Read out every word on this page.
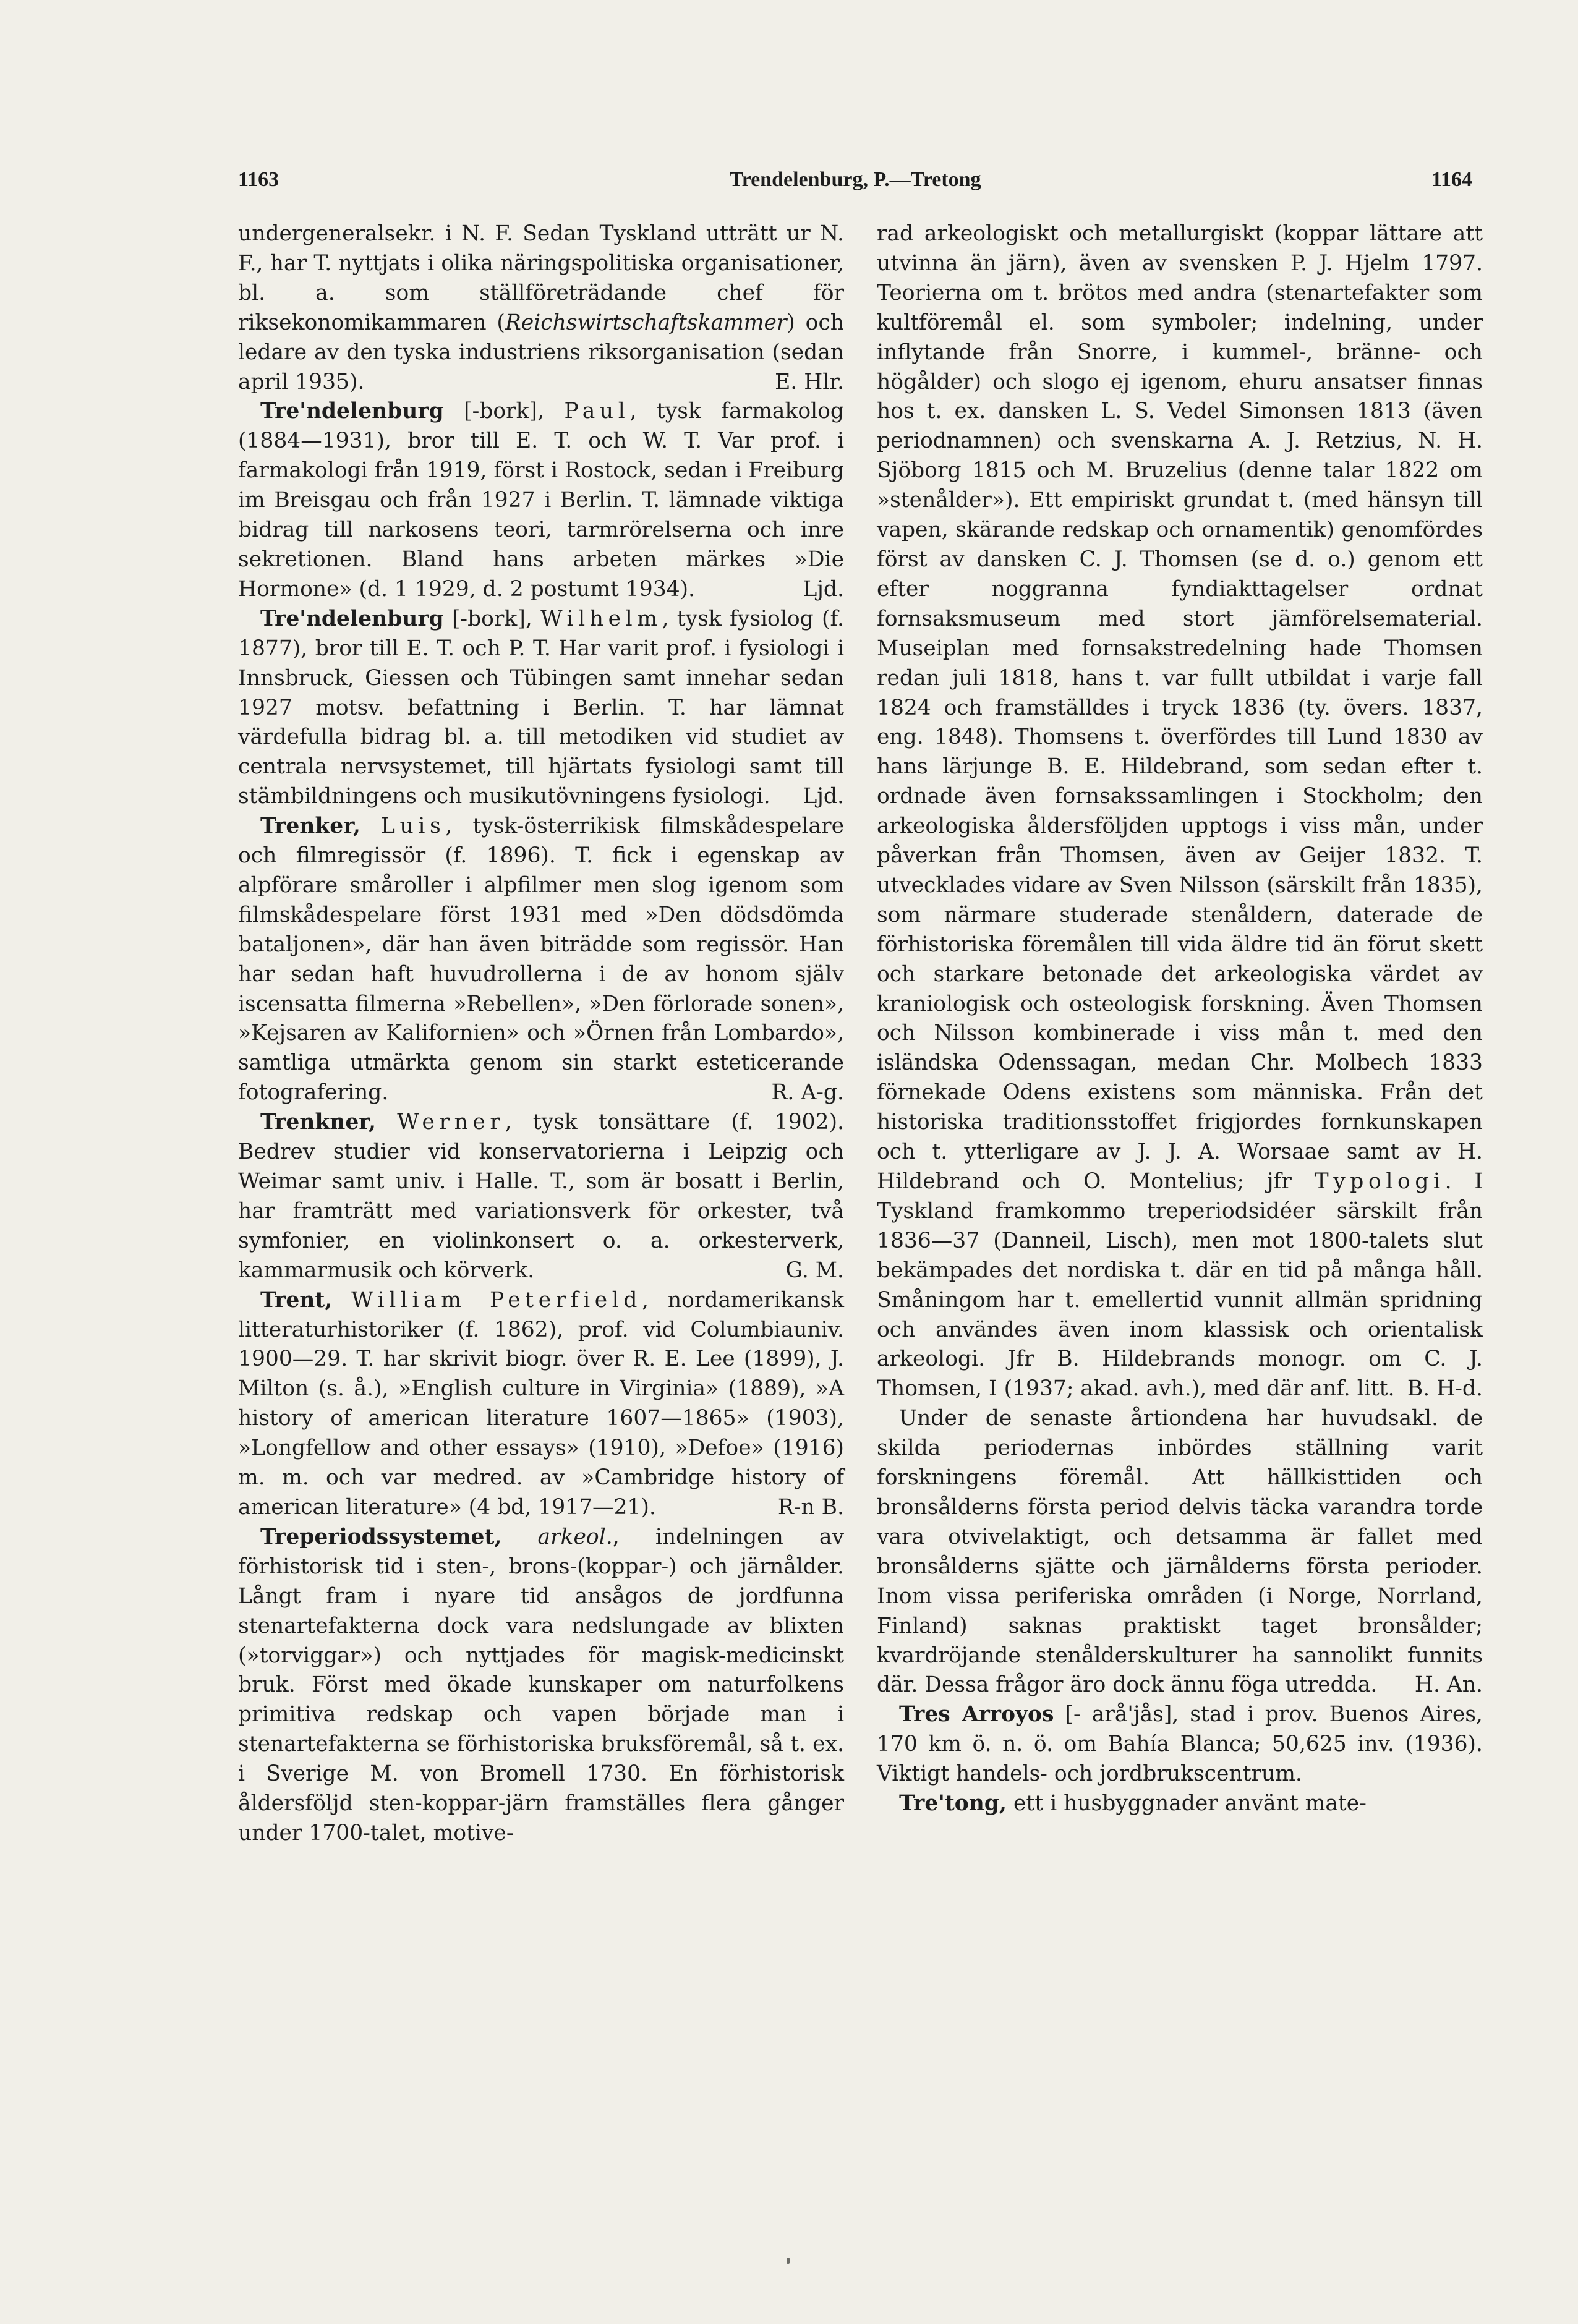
1163	Trendelenburg, P.—Tretong	1164

undergeneralsekr. i N. F. Sedan Tyskland utträtt ur N. F., har T. nyttjats i olika näringspolitiska organisationer, bl. a. som ställföreträdande chef för riksekonomikammaren (Reichswirtschaftskammer) och ledare av den tyska industriens riksorganisation (sedan april 1935).	E. Hlr.

Tre'ndelenburg [-bork], Paul, tysk farmakolog (1884—1931), bror till E. T. och W. T. Var prof. i farmakologi från 1919, först i Rostock, sedan i Freiburg im Breisgau och från 1927 i Berlin. T. lämnade viktiga bidrag till narkosens teori, tarmrörelserna och inre sekretionen. Bland hans arbeten märkes »Die Hormone» (d. 1 1929, d. 2 postumt 1934).	Ljd.

Tre'ndelenburg [-bork], Wilhelm, tysk fysiolog (f. 1877), bror till E. T. och P. T. Har varit prof. i fysiologi i Innsbruck, Giessen och Tübingen samt innehar sedan 1927 motsv. befattning i Berlin. T. har lämnat värdefulla bidrag bl. a. till metodiken vid studiet av centrala nervsystemet, till hjärtats fysiologi samt till stämbildningens och musikutövningens fysiologi.	Ljd.

Trenker, Luis, tysk-österrikisk filmskådespelare och filmregissör (f. 1896). T. fick i egenskap av alpförare småroller i alpfilmer men slog igenom som filmskådespelare först 1931 med »Den dödsdömda bataljonen», där han även biträdde som regissör. Han har sedan haft huvudrollerna i de av honom själv iscensatta filmerna »Rebellen», »Den förlorade sonen», »Kejsaren av Kalifornien» och »Örnen från Lombardo», samtliga utmärkta genom sin starkt esteticerande fotografering.	R. A-g.

Trenkner, Werner, tysk tonsättare (f. 1902). Bedrev studier vid konservatorierna i Leipzig och Weimar samt univ. i Halle. T., som är bosatt i Berlin, har framträtt med variationsverk för orkester, två symfonier, en violinkonsert o. a. orkesterverk, kammarmusik och körverk.	G. M.

Trent, William Peterfield, nordamerikansk litteraturhistoriker (f. 1862), prof. vid Columbiauniv. 1900—29. T. har skrivit biogr. över R. E. Lee (1899), J. Milton (s. å.), »English culture in Virginia» (1889), »A history of american literature 1607—1865» (1903), »Longfellow and other essays» (1910), »Defoe» (1916) m. m. och var medred. av »Cambridge history of american literature» (4 bd, 1917—21).	R-n B.

Treperiodssystemet, arkeol., indelningen av förhistorisk tid i sten-, brons-(koppar-) och järnålder. Långt fram i nyare tid ansågos de jordfunna stenartefakterna dock vara nedslungade av blixten (»torviggar») och nyttjades för magisk-medicinskt bruk. Först med ökade kunskaper om naturfolkens primitiva redskap och vapen började man i stenartefakterna se förhistoriska bruksföremål, så t. ex. i Sverige M. von Bromell 1730. En förhistorisk åldersföljd sten-koppar-järn framställes flera gånger under 1700-talet, motive-

rad arkeologiskt och metallurgiskt (koppar lättare att utvinna än järn), även av svensken P. J. Hjelm 1797. Teorierna om t. brötos med andra (stenartefakter som kultföremål el. som symboler; indelning, under inflytande från Snorre, i kummel-, bränne- och högålder) och slogo ej igenom, ehuru ansatser finnas hos t. ex. dansken L. S. Vedel Simonsen 1813 (även periodnamnen) och svenskarna A. J. Retzius, N. H. Sjöborg 1815 och M. Bruzelius (denne talar 1822 om »stenålder»). Ett empiriskt grundat t. (med hänsyn till vapen, skärande redskap och ornamentik) genomfördes först av dansken C. J. Thomsen (se d. o.) genom ett efter noggranna fyndiakttagelser ordnat fornsaksmuseum med stort jämförelsematerial. Museiplan med fornsakstredelning hade Thomsen redan juli 1818, hans t. var fullt utbildat i varje fall 1824 och framställdes i tryck 1836 (ty. övers. 1837, eng. 1848). Thomsens t. överfördes till Lund 1830 av hans lärjunge B. E. Hildebrand, som sedan efter t. ordnade även fornsakssamlingen i Stockholm; den arkeologiska åldersföljden upptogs i viss mån, under påverkan från Thomsen, även av Geijer 1832. T. utvecklades vidare av Sven Nilsson (särskilt från 1835), som närmare studerade stenåldern, daterade de förhistoriska föremålen till vida äldre tid än förut skett och starkare betonade det arkeologiska värdet av kraniologisk och osteologisk forskning. Även Thomsen och Nilsson kombinerade i viss mån t. med den isländska Odenssagan, medan Chr. Molbech 1833 förnekade Odens existens som människa. Från det historiska traditionsstoffet frigjordes fornkunskapen och t. ytterligare av J. J. A. Worsaae samt av H. Hildebrand och O. Montelius; jfr Typologi. I Tyskland framkommo treperiodsidéer särskilt från 1836—37 (Danneil, Lisch), men mot 1800-talets slut bekämpades det nordiska t. där en tid på många håll. Småningom har t. emellertid vunnit allmän spridning och användes även inom klassisk och orientalisk arkeologi. Jfr B. Hildebrands monogr. om C. J. Thomsen, I (1937; akad. avh.), med där anf. litt. B. H-d.

Under de senaste årtiondena har huvudsakl. de skilda periodernas inbördes ställning varit forskningens föremål. Att hällkisttiden och bronsålderns första period delvis täcka varandra torde vara otvivelaktigt, och detsamma är fallet med bronsålderns sjätte och järnålderns första perioder. Inom vissa periferiska områden (i Norge, Norrland, Finland) saknas praktiskt taget bronsålder; kvardröjande stenålderskulturer ha sannolikt funnits där. Dessa frågor äro dock ännu föga utredda.	H. An.

Tres Arroyos [- arå'jås], stad i prov. Buenos Aires, 170 km ö. n. ö. om Bahía Blanca; 50,625 inv. (1936). Viktigt handels- och jordbrukscentrum.

Tre'tong, ett i husbyggnader använt mate-
